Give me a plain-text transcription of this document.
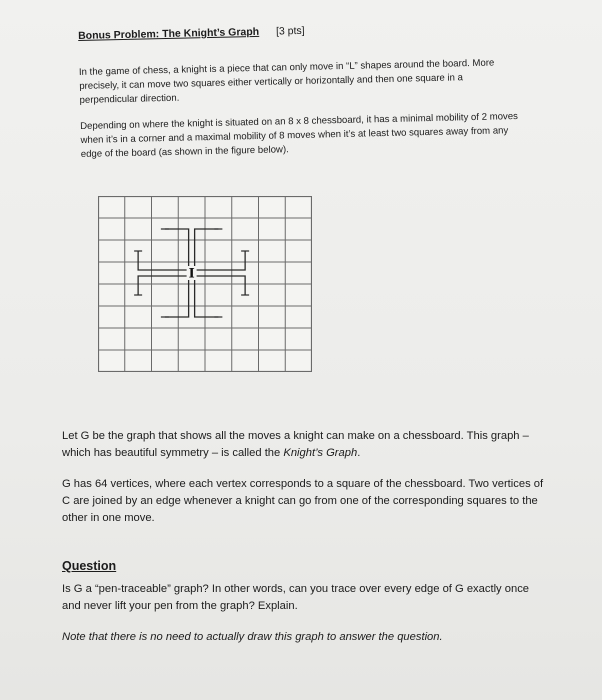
Bonus Problem: The Knight’s Graph [3 pts]

In the game of chess, a knight is a piece that can only move in “L” shapes around the board. More precisely, it can move two squares either vertically or horizontally and then one square in a perpendicular direction.

Depending on where the knight is situated on an 8 x 8 chessboard, it has a minimal mobility of 2 moves when it’s in a corner and a maximal mobility of 8 moves when it’s at least two squares away from any edge of the board (as shown in the figure below).

I

Let G be the graph that shows all the moves a knight can make on a chessboard. This graph – which has beautiful symmetry – is called the Knight’s Graph.

G has 64 vertices, where each vertex corresponds to a square of the chessboard. Two vertices of C are joined by an edge whenever a knight can go from one of the corresponding squares to the other in one move.

Question

Is G a “pen-traceable” graph? In other words, can you trace over every edge of G exactly once and never lift your pen from the graph? Explain.

Note that there is no need to actually draw this graph to answer the question.
